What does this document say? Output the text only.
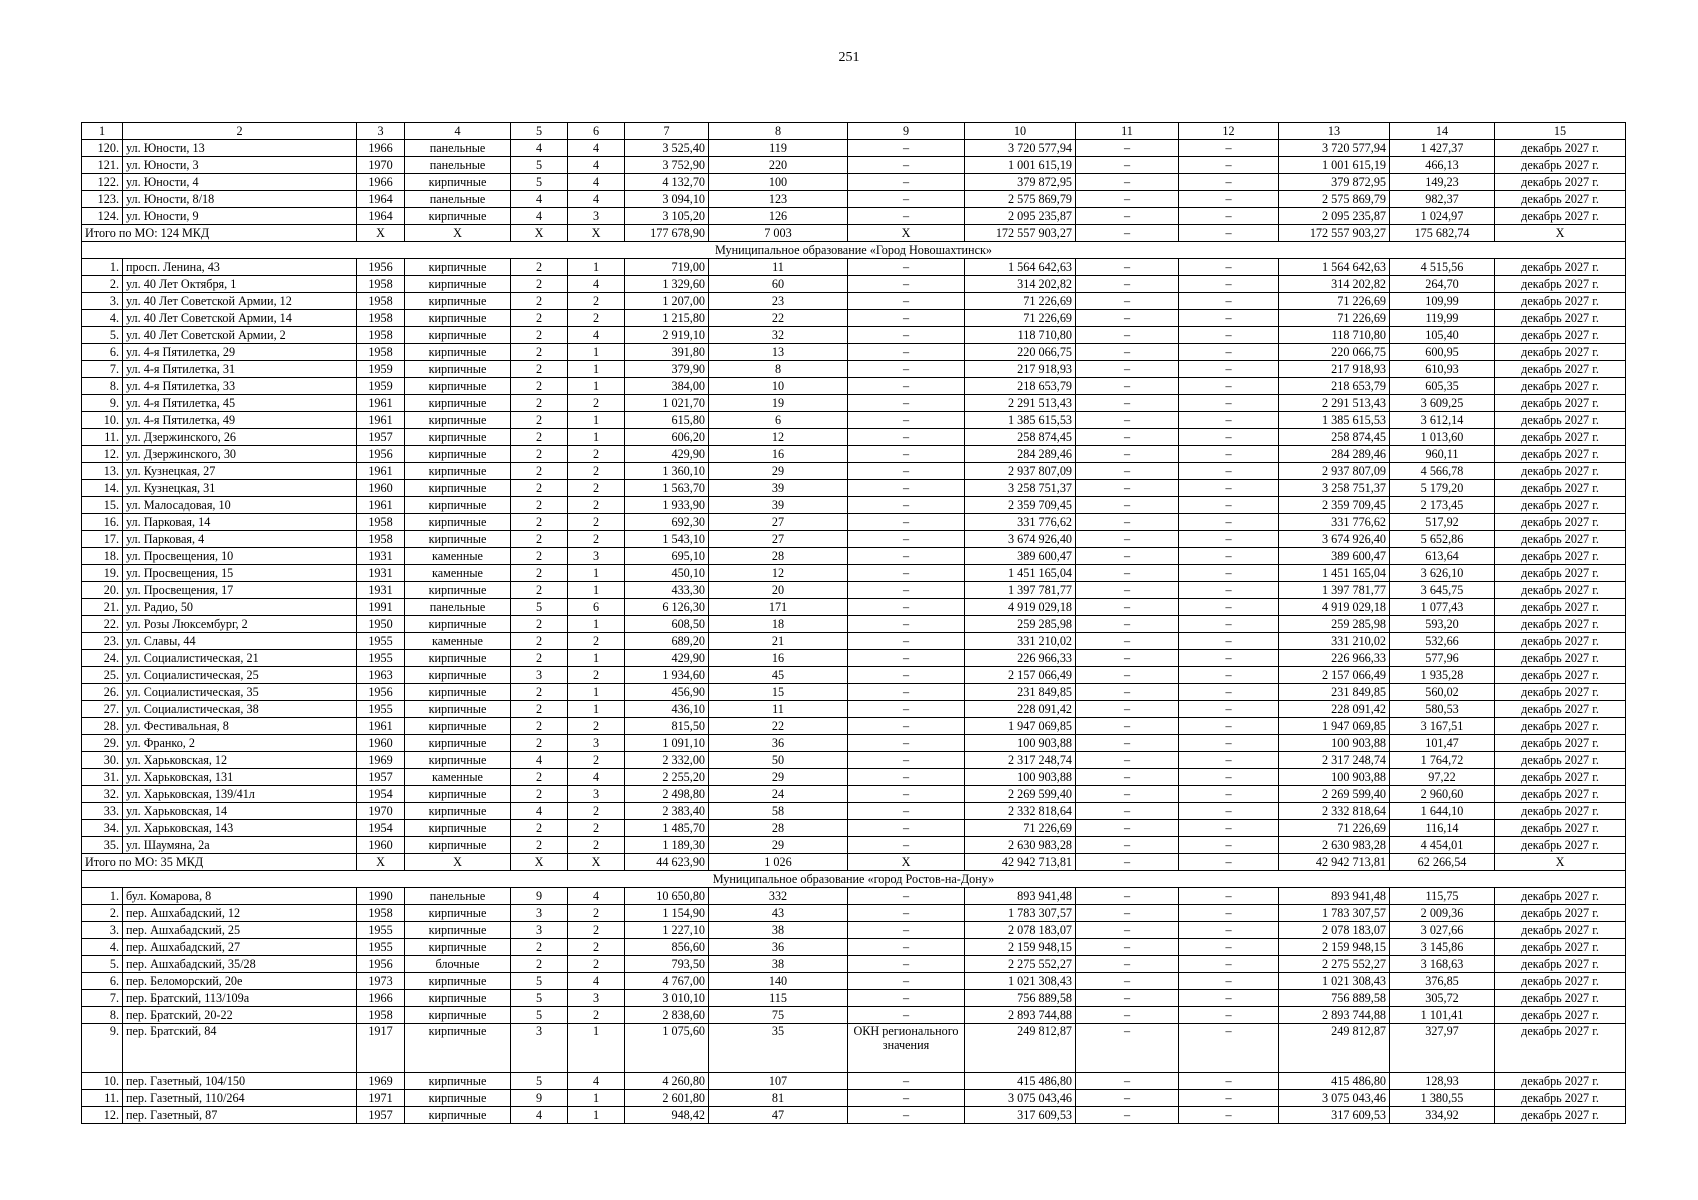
251
1	2	3	4	5	6	7	8	9	10	11	12	13	14	15
120.	ул. Юности, 13	1966	панельные	4	4	3 525,40	119	–	3 720 577,94	–	–	3 720 577,94	1 427,37	декабрь 2027 г.
121.	ул. Юности, 3	1970	панельные	5	4	3 752,90	220	–	1 001 615,19	–	–	1 001 615,19	466,13	декабрь 2027 г.
122.	ул. Юности, 4	1966	кирпичные	5	4	4 132,70	100	–	379 872,95	–	–	379 872,95	149,23	декабрь 2027 г.
123.	ул. Юности, 8/18	1964	панельные	4	4	3 094,10	123	–	2 575 869,79	–	–	2 575 869,79	982,37	декабрь 2027 г.
124.	ул. Юности, 9	1964	кирпичные	4	3	3 105,20	126	–	2 095 235,87	–	–	2 095 235,87	1 024,97	декабрь 2027 г.
Итого по МО: 124 МКД		X	X	X	X	177 678,90	7 003	X	172 557 903,27	–	–	172 557 903,27	175 682,74	X
Муниципальное образование «Город Новошахтинск»														
1.	просп. Ленина, 43	1956	кирпичные	2	1	719,00	11	–	1 564 642,63	–	–	1 564 642,63	4 515,56	декабрь 2027 г.
2.	ул. 40 Лет Октября, 1	1958	кирпичные	2	4	1 329,60	60	–	314 202,82	–	–	314 202,82	264,70	декабрь 2027 г.
3.	ул. 40 Лет Советской Армии, 12	1958	кирпичные	2	2	1 207,00	23	–	71 226,69	–	–	71 226,69	109,99	декабрь 2027 г.
4.	ул. 40 Лет Советской Армии, 14	1958	кирпичные	2	2	1 215,80	22	–	71 226,69	–	–	71 226,69	119,99	декабрь 2027 г.
5.	ул. 40 Лет Советской Армии, 2	1958	кирпичные	2	4	2 919,10	32	–	118 710,80	–	–	118 710,80	105,40	декабрь 2027 г.
6.	ул. 4-я Пятилетка, 29	1958	кирпичные	2	1	391,80	13	–	220 066,75	–	–	220 066,75	600,95	декабрь 2027 г.
7.	ул. 4-я Пятилетка, 31	1959	кирпичные	2	1	379,90	8	–	217 918,93	–	–	217 918,93	610,93	декабрь 2027 г.
8.	ул. 4-я Пятилетка, 33	1959	кирпичные	2	1	384,00	10	–	218 653,79	–	–	218 653,79	605,35	декабрь 2027 г.
9.	ул. 4-я Пятилетка, 45	1961	кирпичные	2	2	1 021,70	19	–	2 291 513,43	–	–	2 291 513,43	3 609,25	декабрь 2027 г.
10.	ул. 4-я Пятилетка, 49	1961	кирпичные	2	1	615,80	6	–	1 385 615,53	–	–	1 385 615,53	3 612,14	декабрь 2027 г.
11.	ул. Дзержинского, 26	1957	кирпичные	2	1	606,20	12	–	258 874,45	–	–	258 874,45	1 013,60	декабрь 2027 г.
12.	ул. Дзержинского, 30	1956	кирпичные	2	2	429,90	16	–	284 289,46	–	–	284 289,46	960,11	декабрь 2027 г.
13.	ул. Кузнецкая, 27	1961	кирпичные	2	2	1 360,10	29	–	2 937 807,09	–	–	2 937 807,09	4 566,78	декабрь 2027 г.
14.	ул. Кузнецкая, 31	1960	кирпичные	2	2	1 563,70	39	–	3 258 751,37	–	–	3 258 751,37	5 179,20	декабрь 2027 г.
15.	ул. Малосадовая, 10	1961	кирпичные	2	2	1 933,90	39	–	2 359 709,45	–	–	2 359 709,45	2 173,45	декабрь 2027 г.
16.	ул. Парковая, 14	1958	кирпичные	2	2	692,30	27	–	331 776,62	–	–	331 776,62	517,92	декабрь 2027 г.
17.	ул. Парковая, 4	1958	кирпичные	2	2	1 543,10	27	–	3 674 926,40	–	–	3 674 926,40	5 652,86	декабрь 2027 г.
18.	ул. Просвещения, 10	1931	каменные	2	3	695,10	28	–	389 600,47	–	–	389 600,47	613,64	декабрь 2027 г.
19.	ул. Просвещения, 15	1931	каменные	2	1	450,10	12	–	1 451 165,04	–	–	1 451 165,04	3 626,10	декабрь 2027 г.
20.	ул. Просвещения, 17	1931	кирпичные	2	1	433,30	20	–	1 397 781,77	–	–	1 397 781,77	3 645,75	декабрь 2027 г.
21.	ул. Радио, 50	1991	панельные	5	6	6 126,30	171	–	4 919 029,18	–	–	4 919 029,18	1 077,43	декабрь 2027 г.
22.	ул. Розы Люксембург, 2	1950	кирпичные	2	1	608,50	18	–	259 285,98	–	–	259 285,98	593,20	декабрь 2027 г.
23.	ул. Славы, 44	1955	каменные	2	2	689,20	21	–	331 210,02	–	–	331 210,02	532,66	декабрь 2027 г.
24.	ул. Социалистическая, 21	1955	кирпичные	2	1	429,90	16	–	226 966,33	–	–	226 966,33	577,96	декабрь 2027 г.
25.	ул. Социалистическая, 25	1963	кирпичные	3	2	1 934,60	45	–	2 157 066,49	–	–	2 157 066,49	1 935,28	декабрь 2027 г.
26.	ул. Социалистическая, 35	1956	кирпичные	2	1	456,90	15	–	231 849,85	–	–	231 849,85	560,02	декабрь 2027 г.
27.	ул. Социалистическая, 38	1955	кирпичные	2	1	436,10	11	–	228 091,42	–	–	228 091,42	580,53	декабрь 2027 г.
28.	ул. Фестивальная, 8	1961	кирпичные	2	2	815,50	22	–	1 947 069,85	–	–	1 947 069,85	3 167,51	декабрь 2027 г.
29.	ул. Франко, 2	1960	кирпичные	2	3	1 091,10	36	–	100 903,88	–	–	100 903,88	101,47	декабрь 2027 г.
30.	ул. Харьковская, 12	1969	кирпичные	4	2	2 332,00	50	–	2 317 248,74	–	–	2 317 248,74	1 764,72	декабрь 2027 г.
31.	ул. Харьковская, 131	1957	каменные	2	4	2 255,20	29	–	100 903,88	–	–	100 903,88	97,22	декабрь 2027 г.
32.	ул. Харьковская, 139/41л	1954	кирпичные	2	3	2 498,80	24	–	2 269 599,40	–	–	2 269 599,40	2 960,60	декабрь 2027 г.
33.	ул. Харьковская, 14	1970	кирпичные	4	2	2 383,40	58	–	2 332 818,64	–	–	2 332 818,64	1 644,10	декабрь 2027 г.
34.	ул. Харьковская, 143	1954	кирпичные	2	2	1 485,70	28	–	71 226,69	–	–	71 226,69	116,14	декабрь 2027 г.
35.	ул. Шаумяна, 2а	1960	кирпичные	2	2	1 189,30	29	–	2 630 983,28	–	–	2 630 983,28	4 454,01	декабрь 2027 г.
Итого по МО: 35 МКД		X	X	X	X	44 623,90	1 026	X	42 942 713,81	–	–	42 942 713,81	62 266,54	X
Муниципальное образование «город Ростов-на-Дону»														
1.	бул. Комарова, 8	1990	панельные	9	4	10 650,80	332	–	893 941,48	–	–	893 941,48	115,75	декабрь 2027 г.
2.	пер. Ашхабадский, 12	1958	кирпичные	3	2	1 154,90	43	–	1 783 307,57	–	–	1 783 307,57	2 009,36	декабрь 2027 г.
3.	пер. Ашхабадский, 25	1955	кирпичные	3	2	1 227,10	38	–	2 078 183,07	–	–	2 078 183,07	3 027,66	декабрь 2027 г.
4.	пер. Ашхабадский, 27	1955	кирпичные	2	2	856,60	36	–	2 159 948,15	–	–	2 159 948,15	3 145,86	декабрь 2027 г.
5.	пер. Ашхабадский, 35/28	1956	блочные	2	2	793,50	38	–	2 275 552,27	–	–	2 275 552,27	3 168,63	декабрь 2027 г.
6.	пер. Беломорский, 20е	1973	кирпичные	5	4	4 767,00	140	–	1 021 308,43	–	–	1 021 308,43	376,85	декабрь 2027 г.
7.	пер. Братский, 113/109а	1966	кирпичные	5	3	3 010,10	115	–	756 889,58	–	–	756 889,58	305,72	декабрь 2027 г.
8.	пер. Братский, 20-22	1958	кирпичные	5	2	2 838,60	75	–	2 893 744,88	–	–	2 893 744,88	1 101,41	декабрь 2027 г.
9.	пер. Братский, 84	1917	кирпичные	3	1	1 075,60	35	ОКН регионального значения	249 812,87	–	–	249 812,87	327,97	декабрь 2027 г.
10.	пер. Газетный, 104/150	1969	кирпичные	5	4	4 260,80	107	–	415 486,80	–	–	415 486,80	128,93	декабрь 2027 г.
11.	пер. Газетный, 110/264	1971	кирпичные	9	1	2 601,80	81	–	3 075 043,46	–	–	3 075 043,46	1 380,55	декабрь 2027 г.
12.	пер. Газетный, 87	1957	кирпичные	4	1	948,42	47	–	317 609,53	–	–	317 609,53	334,92	декабрь 2027 г.
